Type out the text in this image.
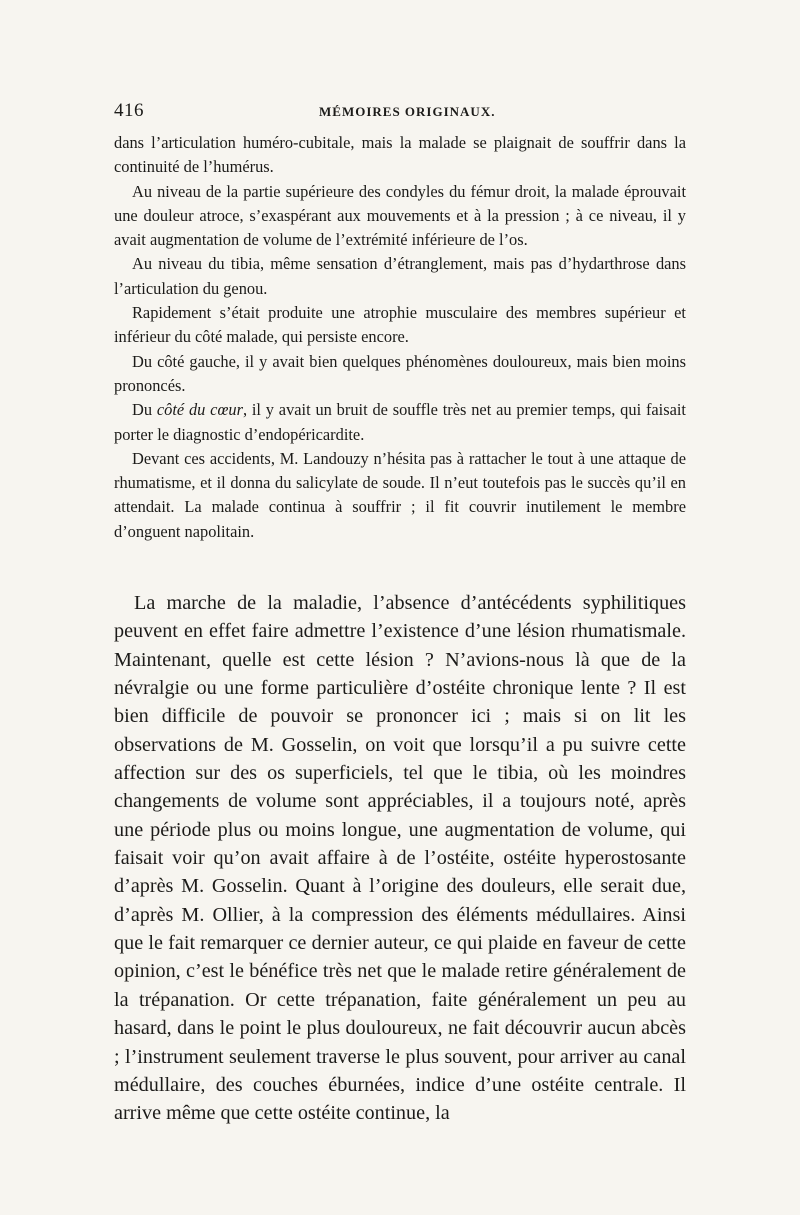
416	MÉMOIRES ORIGINAUX.

dans l’articulation huméro-cubitale, mais la malade se plaignait de souffrir dans la continuité de l’humérus.

Au niveau de la partie supérieure des condyles du fémur droit, la malade éprouvait une douleur atroce, s’exaspérant aux mouvements et à la pression ; à ce niveau, il y avait augmentation de volume de l’extrémité inférieure de l’os.

Au niveau du tibia, même sensation d’étranglement, mais pas d’hydarthrose dans l’articulation du genou.

Rapidement s’était produite une atrophie musculaire des membres supérieur et inférieur du côté malade, qui persiste encore.

Du côté gauche, il y avait bien quelques phénomènes douloureux, mais bien moins prononcés.

Du côté du cœur, il y avait un bruit de souffle très net au premier temps, qui faisait porter le diagnostic d’endopéricardite.

Devant ces accidents, M. Landouzy n’hésita pas à rattacher le tout à une attaque de rhumatisme, et il donna du salicylate de soude. Il n’eut toutefois pas le succès qu’il en attendait. La malade continua à souffrir ; il fit couvrir inutilement le membre d’onguent napolitain.

La marche de la maladie, l’absence d’antécédents syphilitiques peuvent en effet faire admettre l’existence d’une lésion rhumatismale. Maintenant, quelle est cette lésion ? N’avions-nous là que de la névralgie ou une forme particulière d’ostéite chronique lente ? Il est bien difficile de pouvoir se prononcer ici ; mais si on lit les observations de M. Gosselin, on voit que lorsqu’il a pu suivre cette affection sur des os superficiels, tel que le tibia, où les moindres changements de volume sont appréciables, il a toujours noté, après une période plus ou moins longue, une augmentation de volume, qui faisait voir qu’on avait affaire à de l’ostéite, ostéite hyperostosante d’après M. Gosselin. Quant à l’origine des douleurs, elle serait due, d’après M. Ollier, à la compression des éléments médullaires. Ainsi que le fait remarquer ce dernier auteur, ce qui plaide en faveur de cette opinion, c’est le bénéfice très net que le malade retire généralement de la trépanation. Or cette trépanation, faite généralement un peu au hasard, dans le point le plus douloureux, ne fait découvrir aucun abcès ; l’instrument seulement traverse le plus souvent, pour arriver au canal médullaire, des couches éburnées, indice d’une ostéite centrale. Il arrive même que cette ostéite continue, la
